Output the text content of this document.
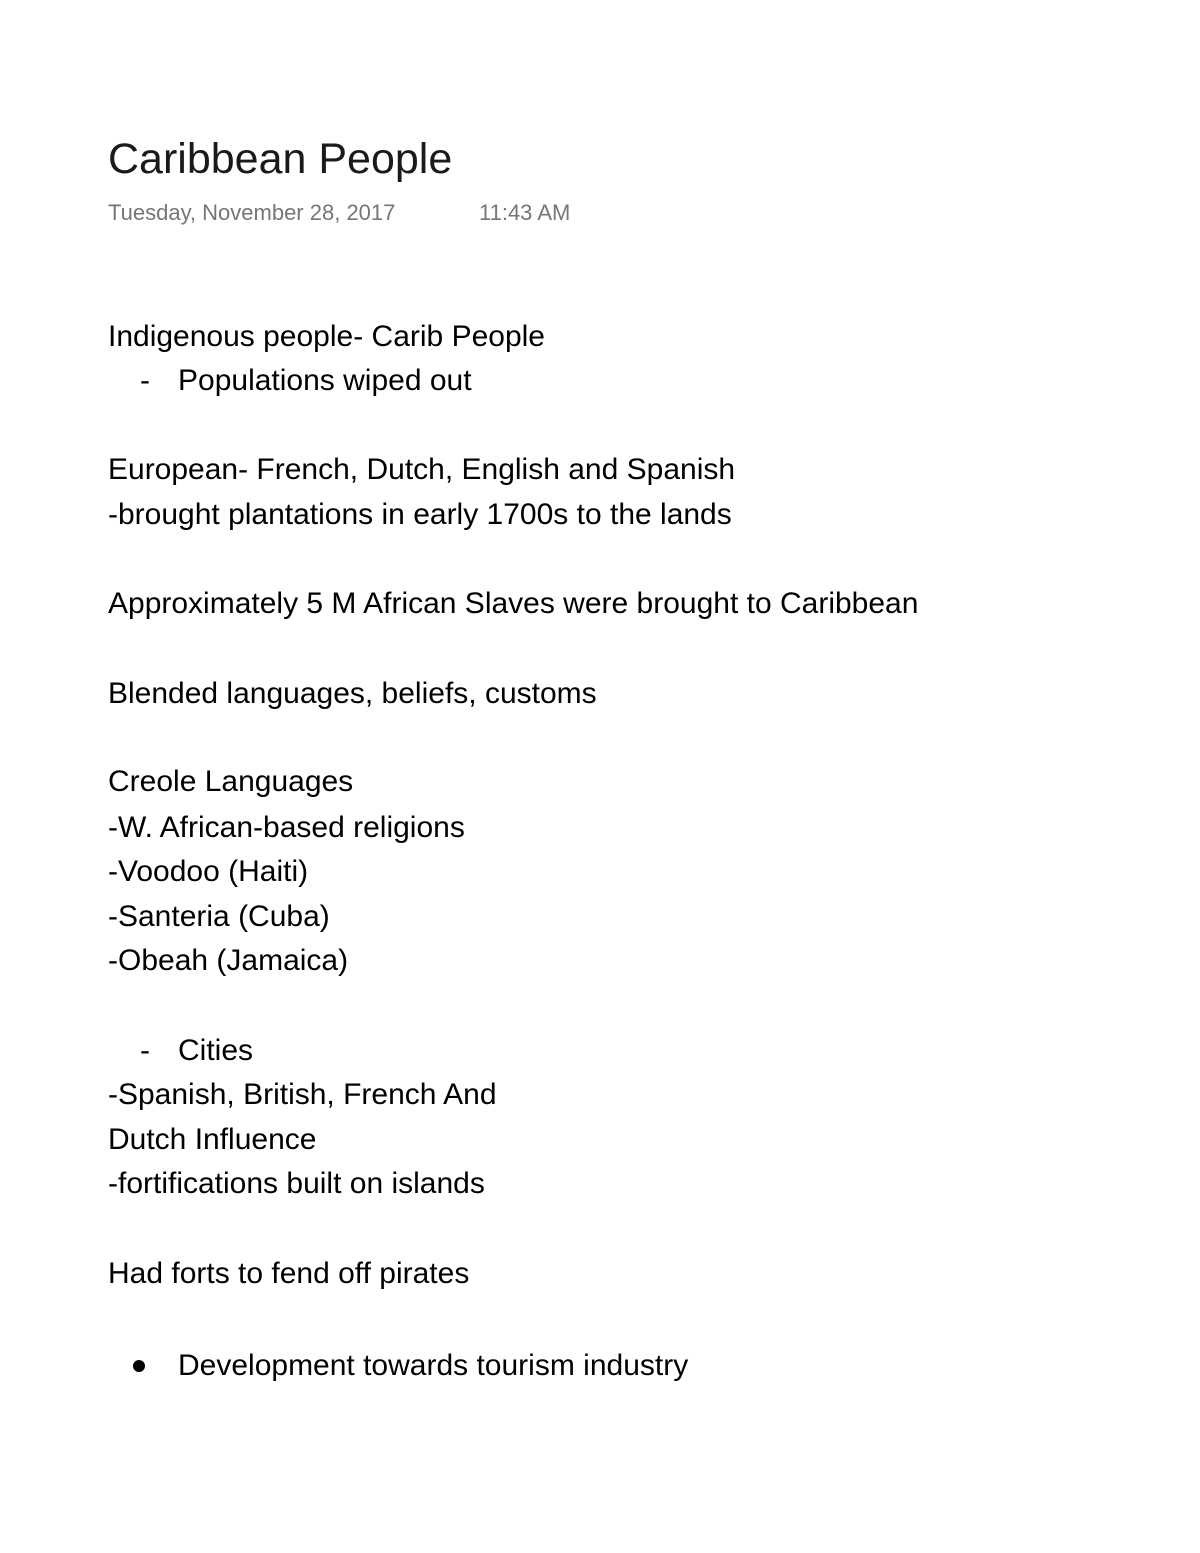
Caribbean People
Tuesday, November 28, 2017	11:43 AM
Indigenous people- Carib People
- Populations wiped out
European- French, Dutch, English and Spanish
-brought plantations in early 1700s to the lands
Approximately 5 M African Slaves were brought to Caribbean
Blended languages, beliefs, customs
Creole Languages
-W. African-based religions
-Voodoo (Haiti)
-Santeria (Cuba)
-Obeah (Jamaica)
- Cities
-Spanish, British, French And
Dutch Influence
-fortifications built on islands
Had forts to fend off pirates
Development towards tourism industry
